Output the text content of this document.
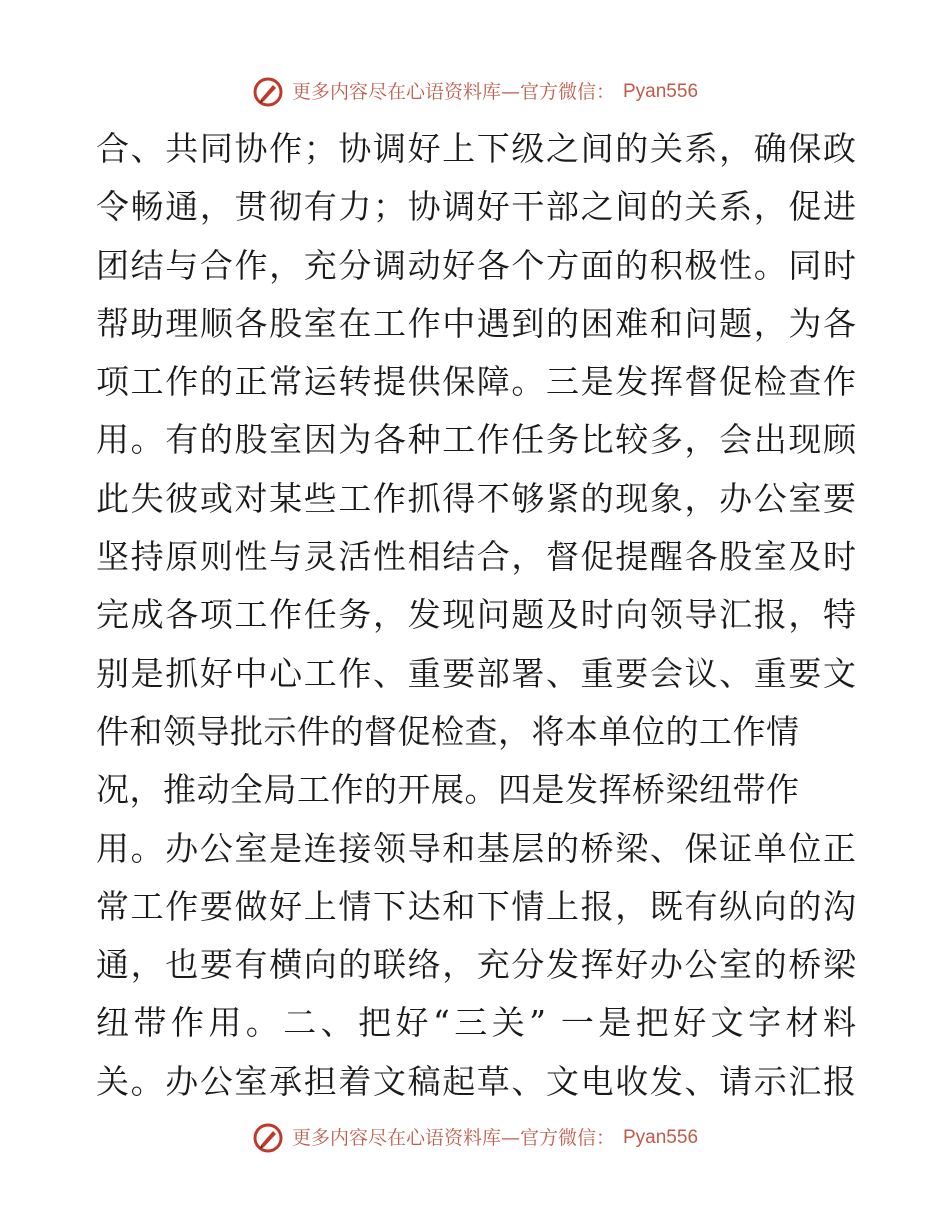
更多内容尽在心语资料库—官方微信： Pyan556
合、共同协作；协调好上下级之间的关系，确保政
令畅通，贯彻有力；协调好干部之间的关系，促进
团结与合作，充分调动好各个方面的积极性。同时
帮助理顺各股室在工作中遇到的困难和问题，为各
项工作的正常运转提供保障。三是发挥督促检查作
用。有的股室因为各种工作任务比较多，会出现顾
此失彼或对某些工作抓得不够紧的现象，办公室要
坚持原则性与灵活性相结合，督促提醒各股室及时
完成各项工作任务，发现问题及时向领导汇报，特
别是抓好中心工作、重要部署、重要会议、重要文
件和领导批示件的督促检查，将本单位的工作情
况，推动全局工作的开展。四是发挥桥梁纽带作
用。办公室是连接领导和基层的桥梁、保证单位正
常工作要做好上情下达和下情上报，既有纵向的沟
通，也要有横向的联络，充分发挥好办公室的桥梁
纽带作用。二、把好“三关” 一是把好文字材料
关。办公室承担着文稿起草、文电收发、请示汇报
更多内容尽在心语资料库—官方微信： Pyan556
